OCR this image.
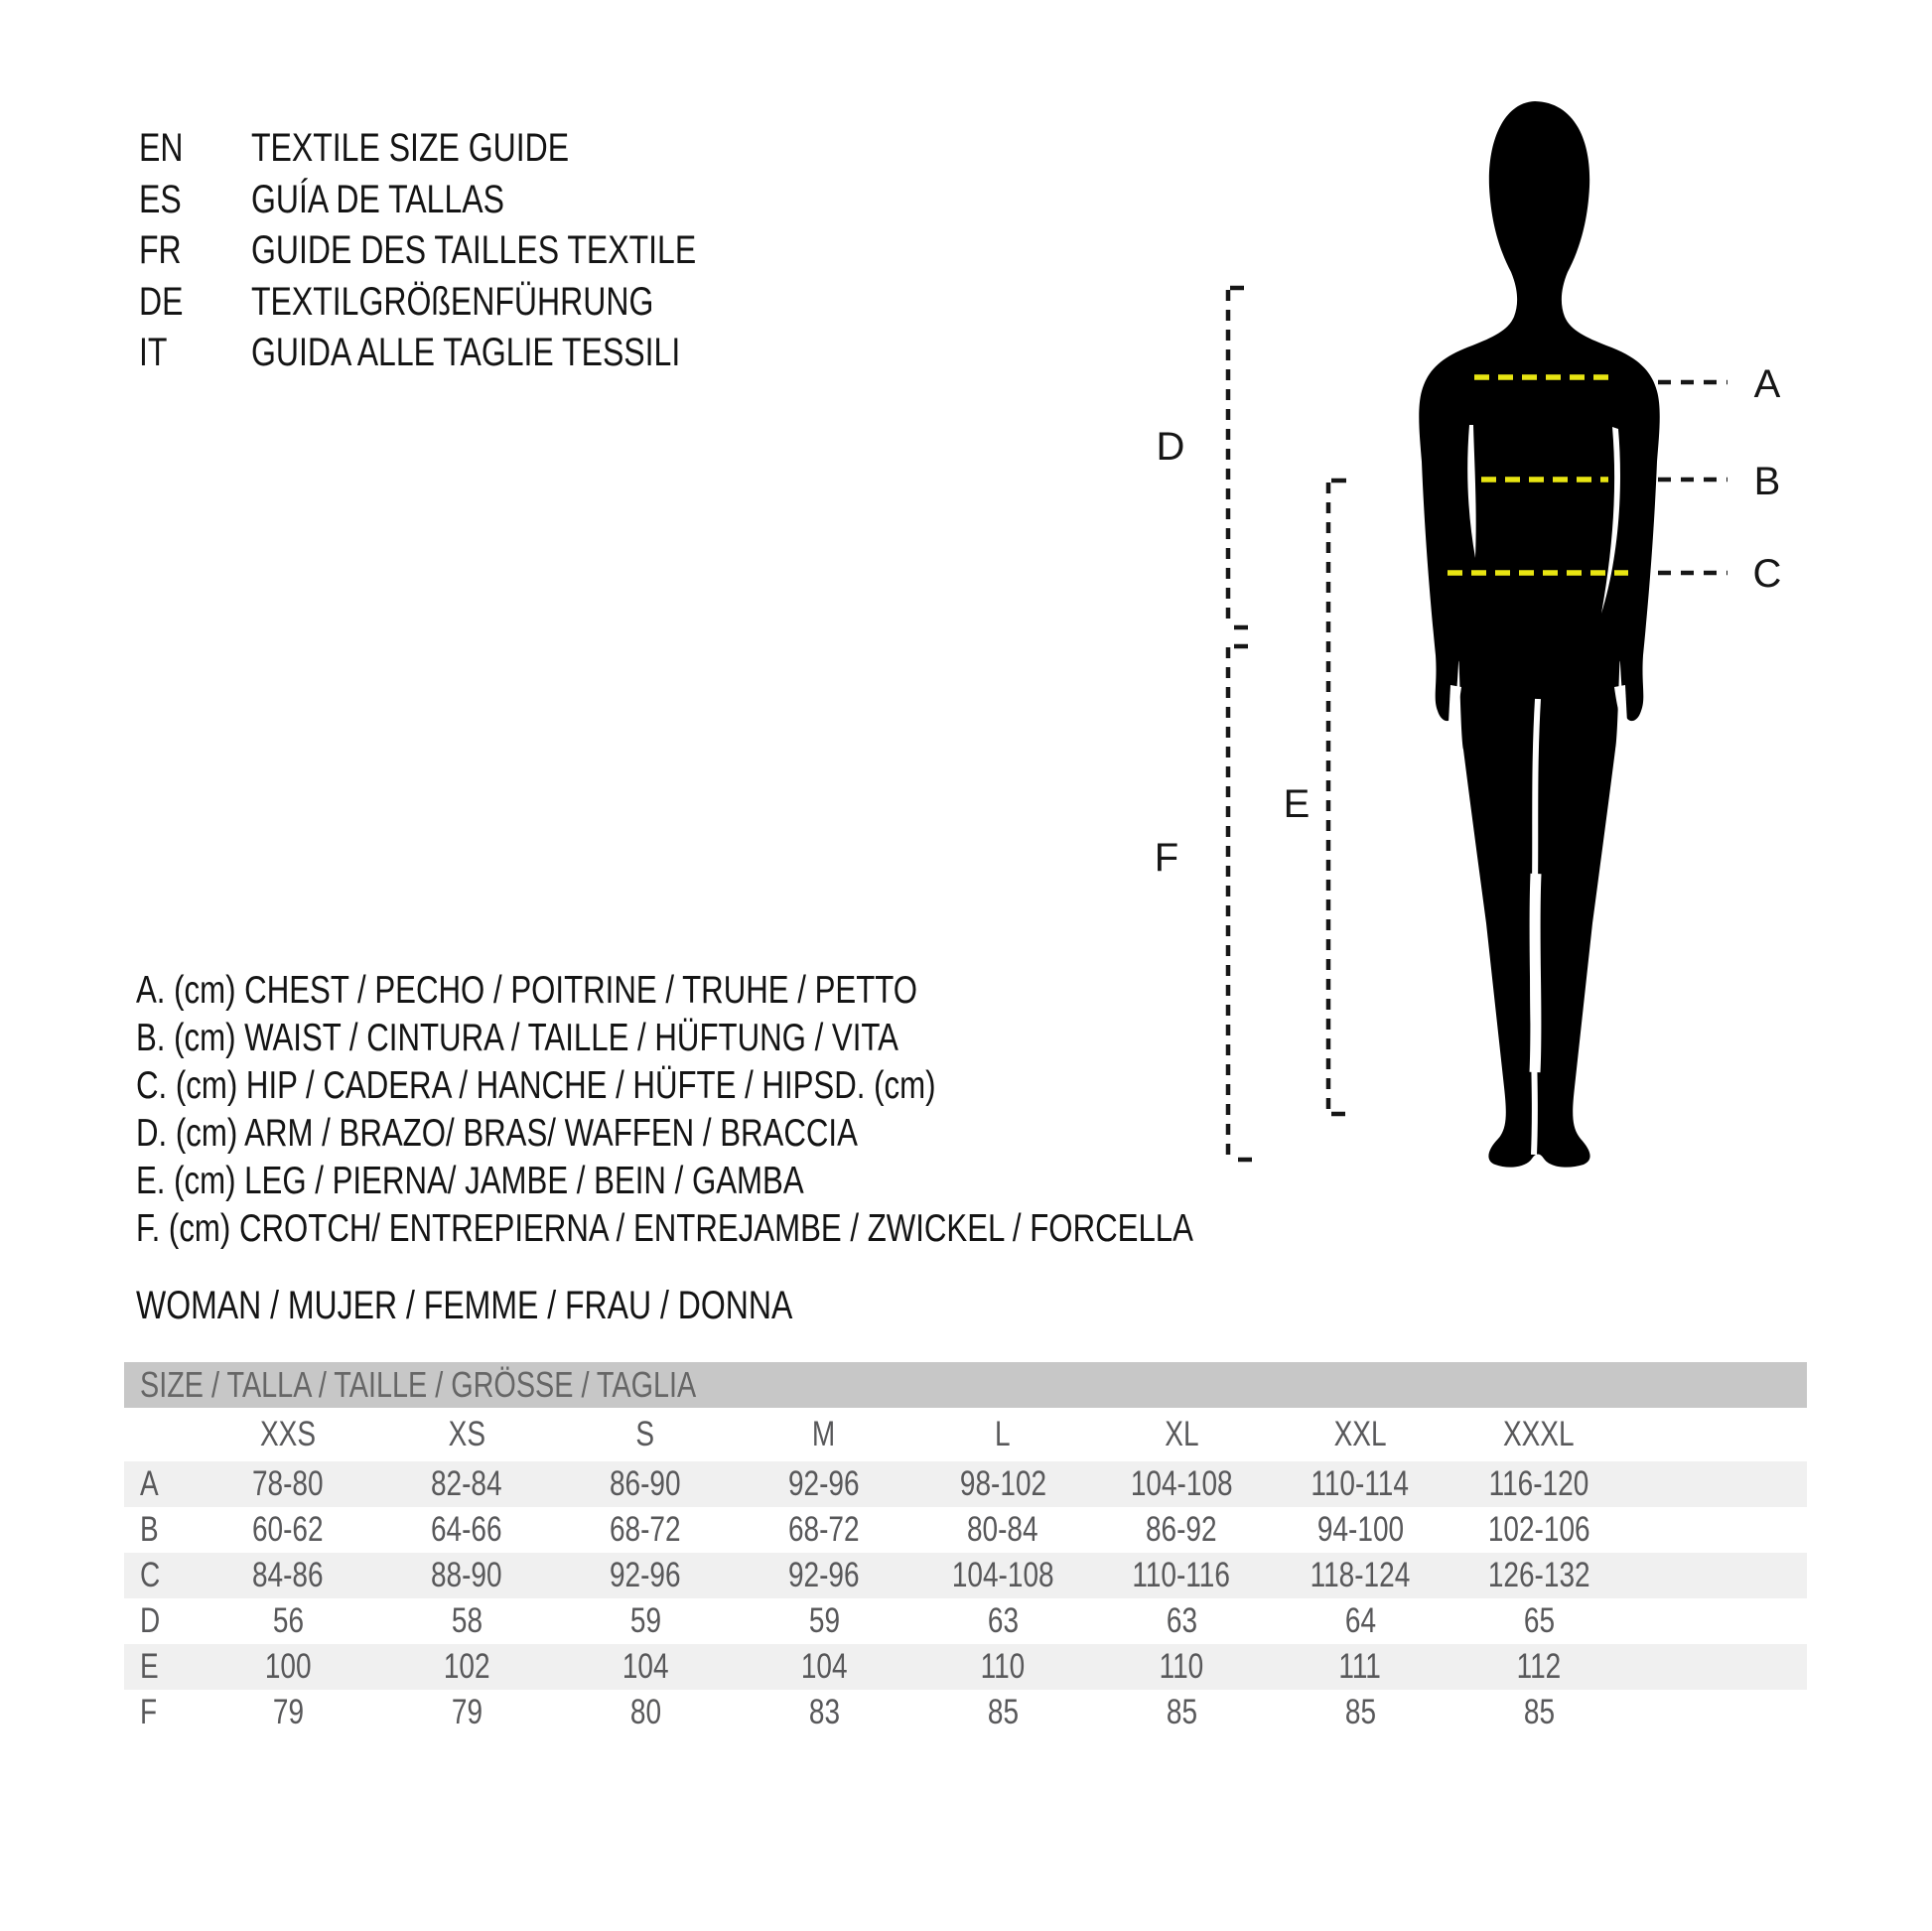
EN	TEXTILE SIZE GUIDE
ES	GUÍA DE TALLAS
FR	GUIDE DES TAILLES TEXTILE
DE	TEXTILGRÖßENFÜHRUNG
IT	GUIDA ALLE TAGLIE TESSILI
A
B
C
D
E
F
A. (cm) CHEST / PECHO / POITRINE / TRUHE / PETTO
B. (cm) WAIST / CINTURA / TAILLE / HÜFTUNG / VITA
C. (cm) HIP / CADERA / HANCHE / HÜFTE / HIPSD. (cm)
D. (cm) ARM / BRAZO/ BRAS/ WAFFEN / BRACCIA
E. (cm) LEG / PIERNA/ JAMBE / BEIN / GAMBA
F. (cm) CROTCH/ ENTREPIERNA / ENTREJAMBE / ZWICKEL / FORCELLA
WOMAN / MUJER / FEMME / FRAU / DONNA
SIZE / TALLA / TAILLE / GRÖSSE / TAGLIA									
	XXS	XS	S	M	L	XL	XXL	XXXL	
A	78-80	82-84	86-90	92-96	98-102	104-108	110-114	116-120	
B	60-62	64-66	68-72	68-72	80-84	86-92	94-100	102-106	
C	84-86	88-90	92-96	92-96	104-108	110-116	118-124	126-132	
D	56	58	59	59	63	63	64	65	
E	100	102	104	104	110	110	111	112	
F	79	79	80	83	85	85	85	85	
